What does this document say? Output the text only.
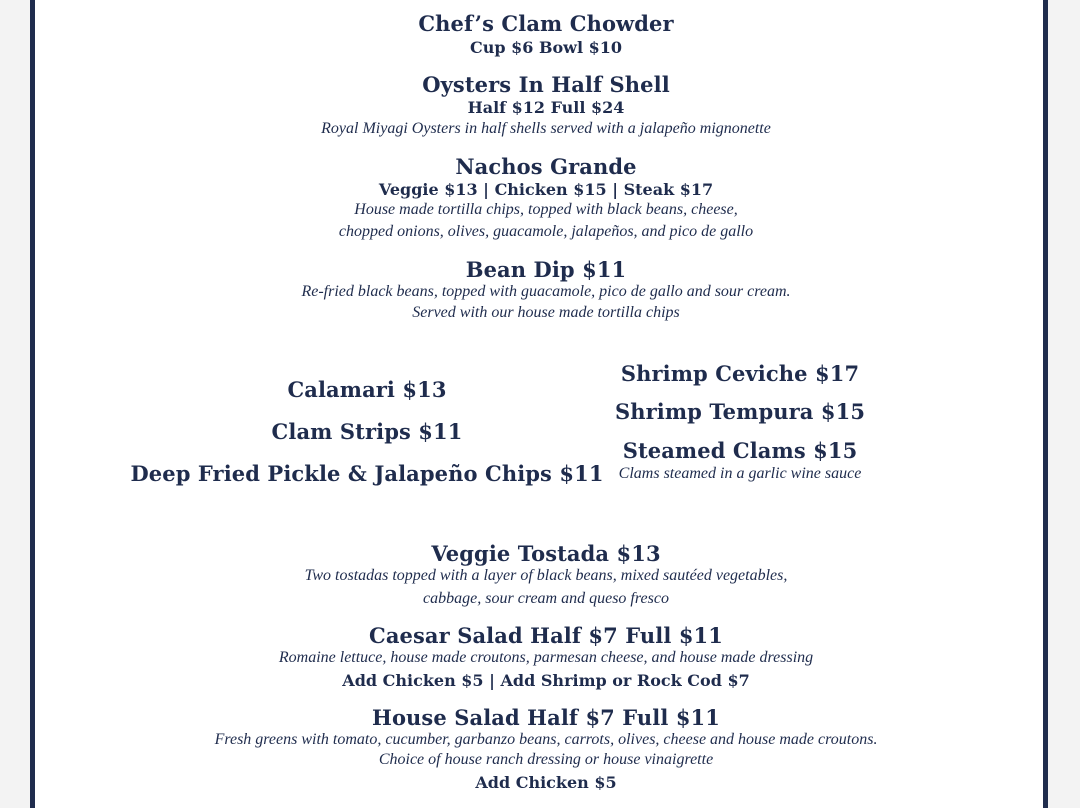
Chef’s Clam Chowder
Cup $6 Bowl $10
Oysters In Half Shell
Half $12 Full $24
Royal Miyagi Oysters in half shells served with a jalapeño mignonette
Nachos Grande
Veggie $13 | Chicken $15 | Steak $17
House made tortilla chips, topped with black beans, cheese,
chopped onions, olives, guacamole, jalapeños, and pico de gallo
Bean Dip $11
Re-fried black beans, topped with guacamole, pico de gallo and sour cream.
Served with our house made tortilla chips
Calamari $13
Clam Strips $11
Deep Fried Pickle & Jalapeño Chips $11
Shrimp Ceviche $17
Shrimp Tempura $15
Steamed Clams $15
Clams steamed in a garlic wine sauce
Veggie Tostada $13
Two tostadas topped with a layer of black beans, mixed sautéed vegetables,
cabbage, sour cream and queso fresco
Caesar Salad Half $7 Full $11
Romaine lettuce, house made croutons, parmesan cheese, and house made dressing
Add Chicken $5 | Add Shrimp or Rock Cod $7
House Salad Half $7 Full $11
Fresh greens with tomato, cucumber, garbanzo beans, carrots, olives, cheese and house made croutons.
Choice of house ranch dressing or house vinaigrette
Add Chicken $5
